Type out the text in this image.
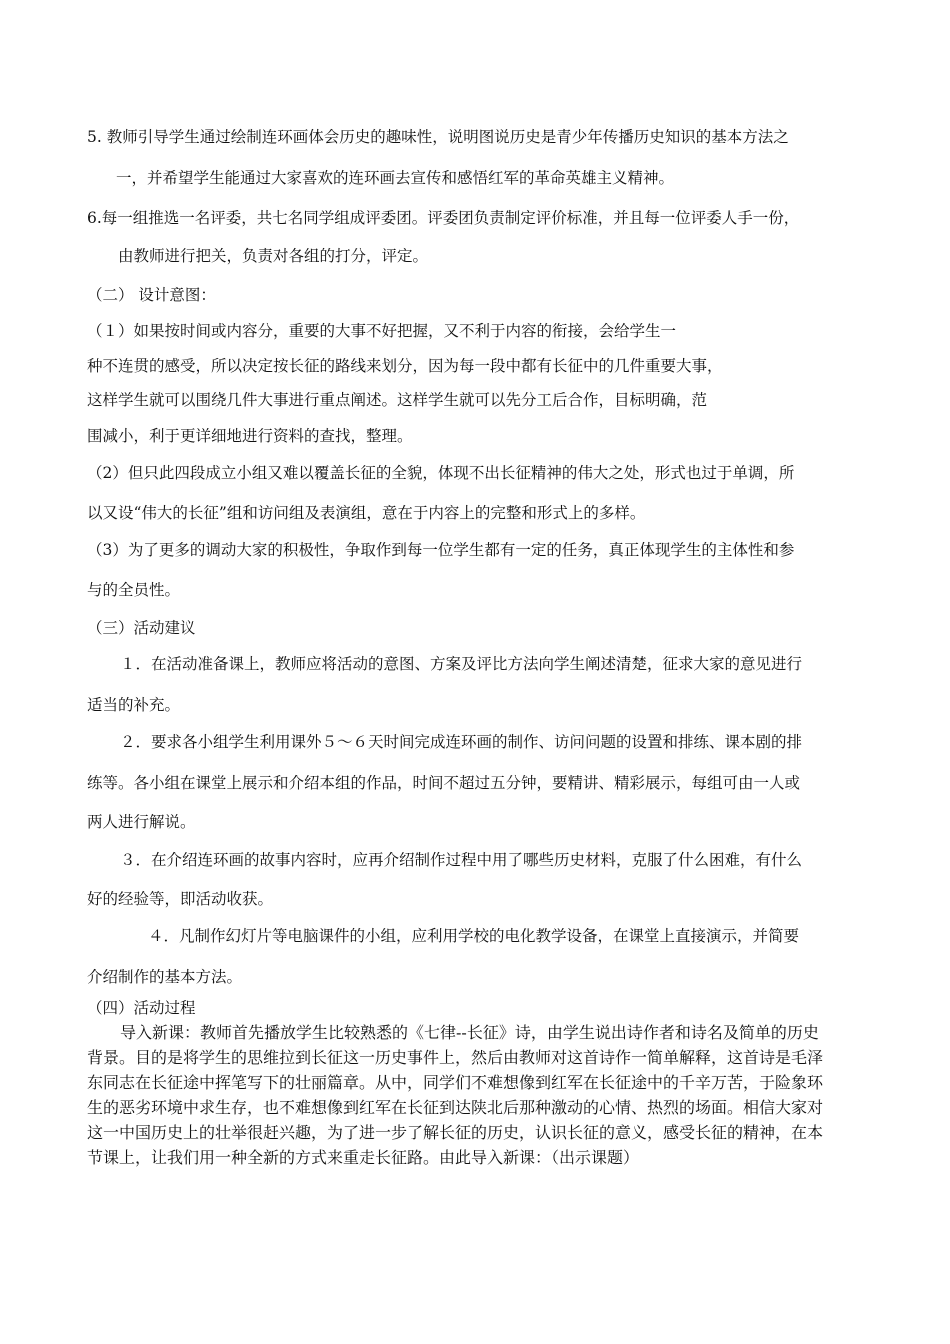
5. 教师引导学生通过绘制连环画体会历史的趣味性，说明图说历史是青少年传播历史知识的基本方法之
一，并希望学生能通过大家喜欢的连环画去宣传和感悟红军的革命英雄主义精神。
6.每一组推选一名评委，共七名同学组成评委团。评委团负责制定评价标准，并且每一位评委人手一份，
由教师进行把关，负责对各组的打分，评定。
（二） 设计意图：
（１）如果按时间或内容分，重要的大事不好把握，又不利于内容的衔接，会给学生一
种不连贯的感受，所以决定按长征的路线来划分，因为每一段中都有长征中的几件重要大事，
这样学生就可以围绕几件大事进行重点阐述。这样学生就可以先分工后合作，目标明确，范
围减小，利于更详细地进行资料的查找，整理。
（2）但只此四段成立小组又难以覆盖长征的全貌，体现不出长征精神的伟大之处，形式也过于单调，所
以又设“伟大的长征”组和访问组及表演组，意在于内容上的完整和形式上的多样。
（3）为了更多的调动大家的积极性，争取作到每一位学生都有一定的任务，真正体现学生的主体性和参
与的全员性。
（三）活动建议
１．在活动准备课上，教师应将活动的意图、方案及评比方法向学生阐述清楚，征求大家的意见进行
适当的补充。
２．要求各小组学生利用课外５～６天时间完成连环画的制作、访问问题的设置和排练、课本剧的排
练等。各小组在课堂上展示和介绍本组的作品，时间不超过五分钟，要精讲、精彩展示，每组可由一人或
两人进行解说。
３．在介绍连环画的故事内容时，应再介绍制作过程中用了哪些历史材料，克服了什么困难，有什么
好的经验等，即活动收获。
４．凡制作幻灯片等电脑课件的小组，应利用学校的电化教学设备，在课堂上直接演示，并简要
介绍制作的基本方法。
（四）活动过程
导入新课：教师首先播放学生比较熟悉的《七律--长征》诗，由学生说出诗作者和诗名及简单的历史
背景。目的是将学生的思维拉到长征这一历史事件上，然后由教师对这首诗作一简单解释，这首诗是毛泽
东同志在长征途中挥笔写下的壮丽篇章。从中，同学们不难想像到红军在长征途中的千辛万苦，于险象环
生的恶劣环境中求生存，也不难想像到红军在长征到达陕北后那种激动的心情、热烈的场面。相信大家对
这一中国历史上的壮举很赶兴趣，为了进一步了解长征的历史，认识长征的意义，感受长征的精神，在本
节课上，让我们用一种全新的方式来重走长征路。由此导入新课：（出示课题）
